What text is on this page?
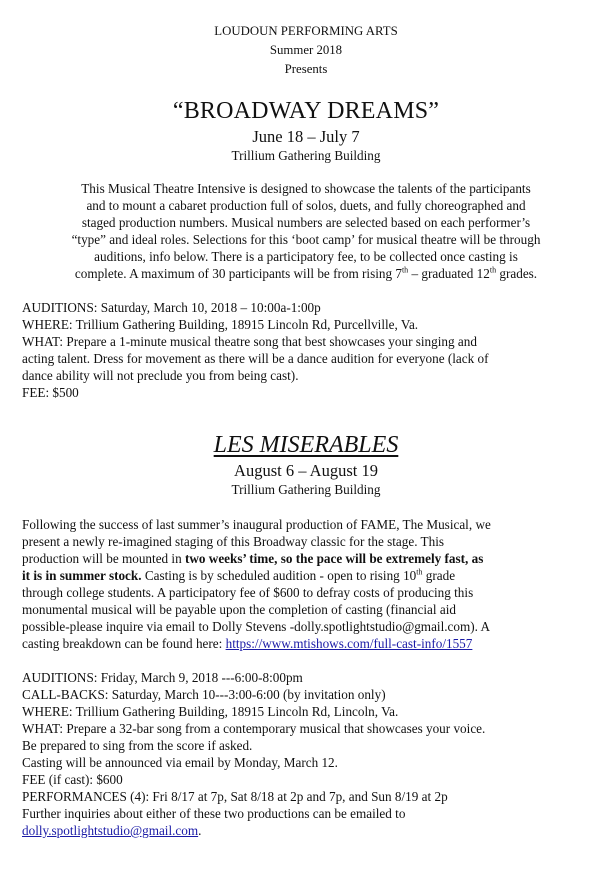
LOUDOUN PERFORMING ARTS
Summer 2018
Presents
“BROADWAY DREAMS”
June 18 – July 7
Trillium Gathering Building
This Musical Theatre Intensive is designed to showcase the talents of the participants
and to mount a cabaret production full of solos, duets, and fully choreographed and
staged production numbers. Musical numbers are selected based on each performer’s
“type” and ideal roles. Selections for this ‘boot camp’ for musical theatre will be through
auditions, info below. There is a participatory fee, to be collected once casting is
complete. A maximum of 30 participants will be from rising 7th – graduated 12th grades.
AUDITIONS: Saturday, March 10, 2018 – 10:00a-1:00p
WHERE: Trillium Gathering Building, 18915 Lincoln Rd, Purcellville, Va.
WHAT: Prepare a 1-minute musical theatre song that best showcases your singing and
acting talent. Dress for movement as there will be a dance audition for everyone (lack of
dance ability will not preclude you from being cast).
FEE: $500
LES MISERABLES
August 6 – August 19
Trillium Gathering Building
Following the success of last summer’s inaugural production of FAME, The Musical, we
present a newly re-imagined staging of this Broadway classic for the stage. This
production will be mounted in two weeks’ time, so the pace will be extremely fast, as
it is in summer stock. Casting is by scheduled audition - open to rising 10th grade
through college students. A participatory fee of $600 to defray costs of producing this
monumental musical will be payable upon the completion of casting (financial aid
possible-please inquire via email to Dolly Stevens -dolly.spotlightstudio@gmail.com). A
casting breakdown can be found here: https://www.mtishows.com/full-cast-info/1557
AUDITIONS: Friday, March 9, 2018 ---6:00-8:00pm
CALL-BACKS: Saturday, March 10---3:00-6:00 (by invitation only)
WHERE: Trillium Gathering Building, 18915 Lincoln Rd, Lincoln, Va.
WHAT: Prepare a 32-bar song from a contemporary musical that showcases your voice.
Be prepared to sing from the score if asked.
Casting will be announced via email by Monday, March 12.
FEE (if cast): $600
PERFORMANCES (4): Fri 8/17 at 7p, Sat 8/18 at 2p and 7p, and Sun 8/19 at 2p
Further inquiries about either of these two productions can be emailed to
dolly.spotlightstudio@gmail.com.
